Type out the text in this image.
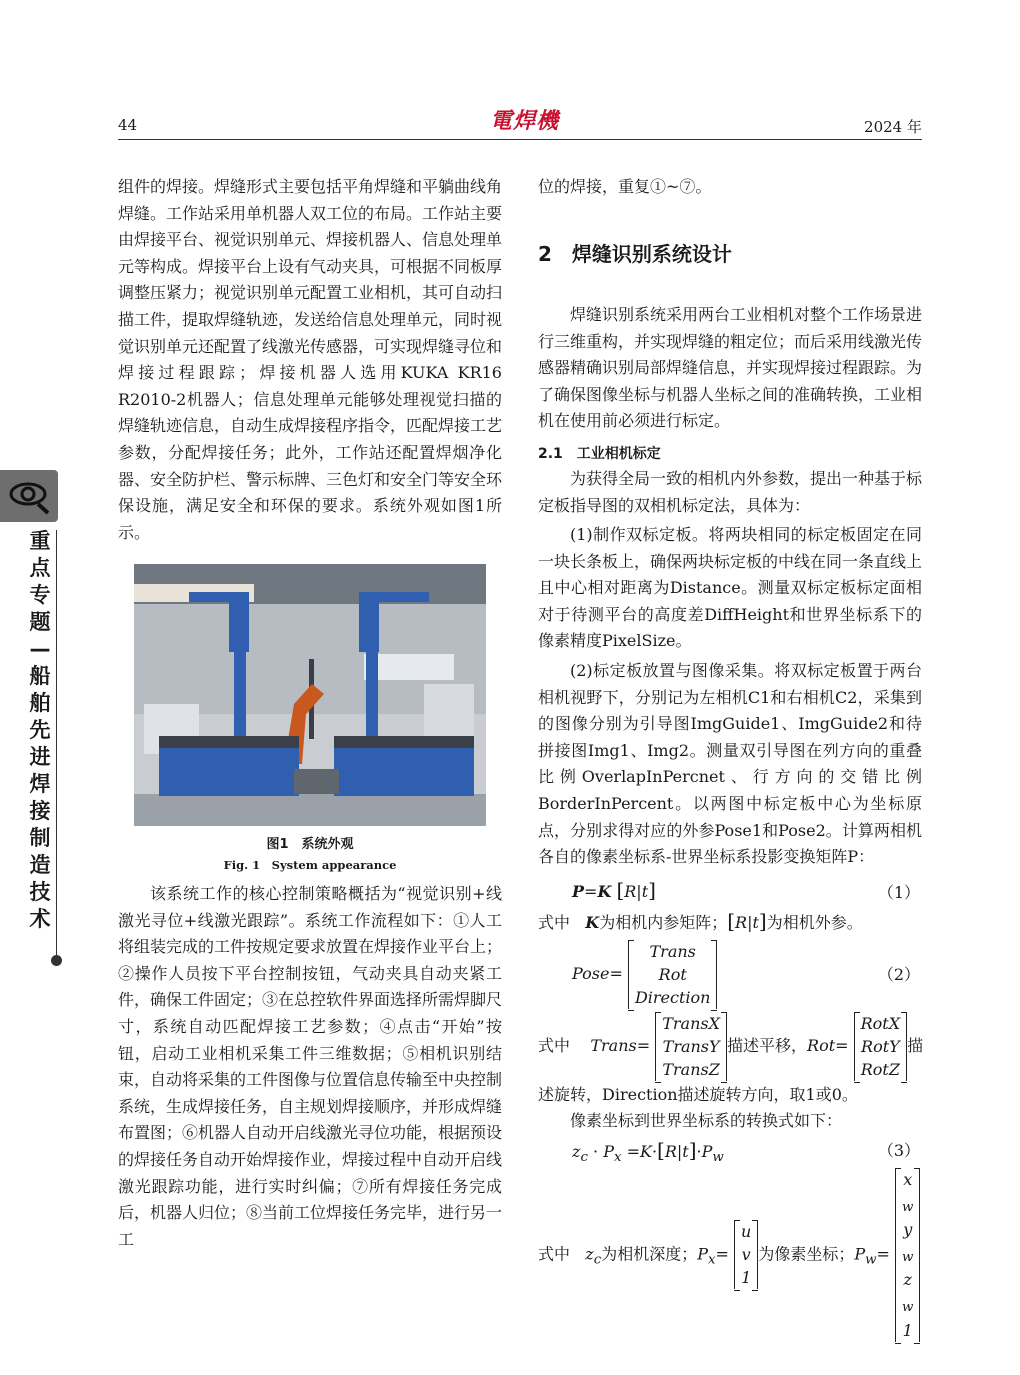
44	電焊機	2024 年
重点专题—船舶先进焊接制造技术

组件的焊接。焊缝形式主要包括平角焊缝和平躺曲线角焊缝。工作站采用单机器人双工位的布局。工作站主要由焊接平台、视觉识别单元、焊接机器人、信息处理单元等构成。焊接平台上设有气动夹具，可根据不同板厚调整压紧力；视觉识别单元配置工业相机，其可自动扫描工件，提取焊缝轨迹，发送给信息处理单元，同时视觉识别单元还配置了线激光传感器，可实现焊缝寻位和焊接过程跟踪；焊接机器人选用KUKA KR16 R2010-2机器人；信息处理单元能够处理视觉扫描的焊缝轨迹信息，自动生成焊接程序指令，匹配焊接工艺参数，分配焊接任务；此外，工作站还配置焊烟净化器、安全防护栏、警示标牌、三色灯和安全门等安全环保设施，满足安全和环保的要求。系统外观如图1所示。

图1　系统外观
Fig. 1　System appearance

该系统工作的核心控制策略概括为“视觉识别+线激光寻位+线激光跟踪”。系统工作流程如下：①人工将组装完成的工件按规定要求放置在焊接作业平台上；②操作人员按下平台控制按钮，气动夹具自动夹紧工件，确保工件固定；③在总控软件界面选择所需焊脚尺寸，系统自动匹配焊接工艺参数；④点击“开始”按钮，启动工业相机采集工件三维数据；⑤相机识别结束，自动将采集的工件图像与位置信息传输至中央控制系统，生成焊接任务，自主规划焊接顺序，并形成焊缝布置图；⑥机器人自动开启线激光寻位功能，根据预设的焊接任务自动开始焊接作业，焊接过程中自动开启线激光跟踪功能，进行实时纠偏；⑦所有焊接任务完成后，机器人归位；⑧当前工位焊接任务完毕，进行另一工

位的焊接，重复①~⑦。

2　焊缝识别系统设计

焊缝识别系统采用两台工业相机对整个工作场景进行三维重构，并实现焊缝的粗定位；而后采用线激光传感器精确识别局部焊缝信息，并实现焊接过程跟踪。为了确保图像坐标与机器人坐标之间的准确转换，工业相机在使用前必须进行标定。

2.1　工业相机标定

为获得全局一致的相机内外参数，提出一种基于标定板指导图的双相机标定法，具体为：

(1)制作双标定板。将两块相同的标定板固定在同一块长条板上，确保两块标定板的中线在同一条直线上且中心相对距离为Distance。测量双标定板标定面相对于待测平台的高度差DiffHeight和世界坐标系下的像素精度PixelSize。

(2)标定板放置与图像采集。将双标定板置于两台相机视野下，分别记为左相机C1和右相机C2，采集到的图像分别为引导图ImgGuide1、ImgGuide2和待拼接图Img1、Img2。测量双引导图在列方向的重叠比例OverlapInPercnet、行方向的交错比例BorderInPercent。以两图中标定板中心为坐标原点，分别求得对应的外参Pose1和Pose2。计算两相机各自的像素坐标系-世界坐标系投影变换矩阵P：

P=K [R|t]	（1）
式中 K为相机内参矩阵；[R|t]为相机外参。
Pose=
Trans
Rot
Direction
（2）
式中 Trans=
TransX
TransY
TransZ
描述平移，Rot=
RotX
RotY
RotZ
描
述旋转，Direction描述旋转方向，取1或0。
像素坐标到世界坐标系的转换式如下：
$z_c \cdot P_x =K\cdot[R|t]\cdot P_w$	（3）
式中 $z_c$为相机深度；$P_x=$
u
v
1
为像素坐标；$P_w=$
x
$_w$
y
$_w$
z
$_w$
1
